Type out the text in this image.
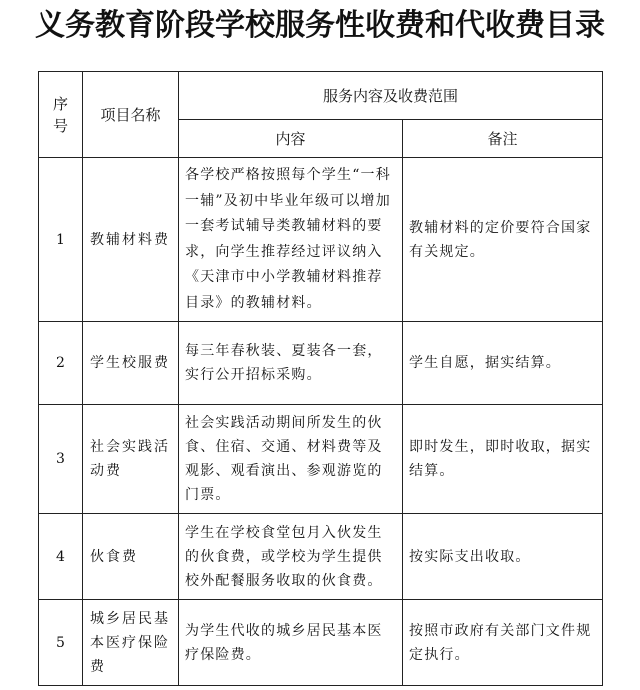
义务教育阶段学校服务性收费和代收费目录
序号	项目名称	服务内容及收费范围	
		内容	备注
1	教辅材料费	各学校严格按照每个学生“一科一辅”及初中毕业年级可以增加一套考试辅导类教辅材料的要求，向学生推荐经过评议纳入《天津市中小学教辅材料推荐目录》的教辅材料。	教辅材料的定价要符合国家有关规定。
2	学生校服费	每三年春秋装、夏装各一套，实行公开招标采购。	学生自愿，据实结算。
3	社会实践活动费	社会实践活动期间所发生的伙食、住宿、交通、材料费等及观影、观看演出、参观游览的门票。	即时发生，即时收取，据实结算。
4	伙食费	学生在学校食堂包月入伙发生的伙食费，或学校为学生提供校外配餐服务收取的伙食费。	按实际支出收取。
5	城乡居民基本医疗保险费	为学生代收的城乡居民基本医疗保险费。	按照市政府有关部门文件规定执行。
